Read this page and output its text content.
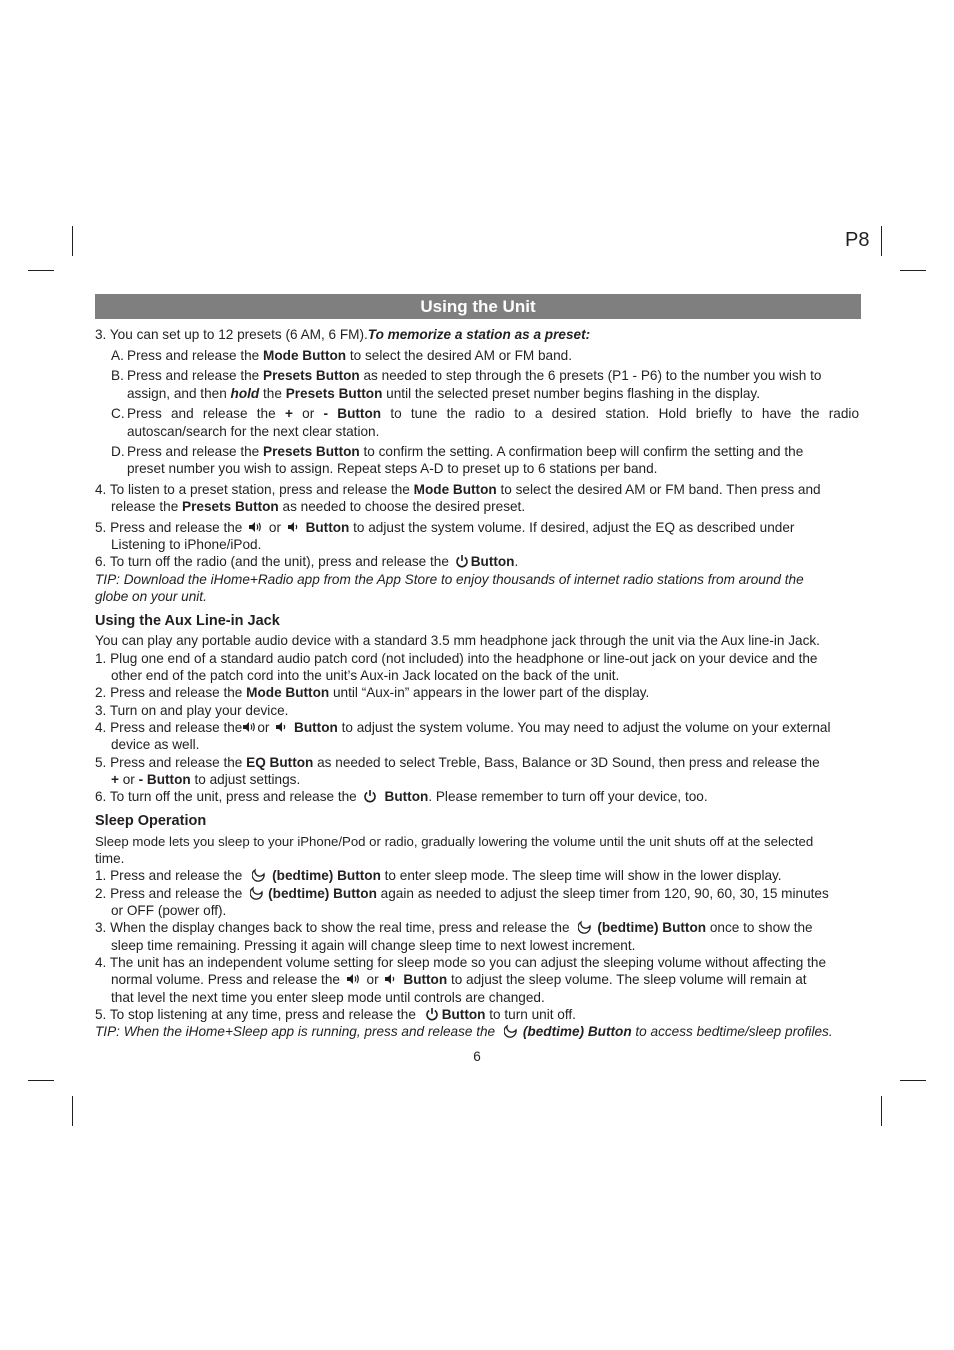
P8
Using the Unit
3. You can set up to 12 presets (6 AM, 6 FM).To memorize a station as a preset:
A. Press and release the Mode Button to select the desired AM or FM band.
B. Press and release the Presets Button as needed to step through the 6 presets (P1 - P6) to the number you wish to
assign, and then hold the Presets Button until the selected preset number begins flashing in the display.
C. Press and release the + or - Button to tune the radio to a desired station. Hold briefly to have the radio
autoscan/search for the next clear station.
D. Press and release the Presets Button to confirm the setting. A confirmation beep will confirm the setting and the
preset number you wish to assign. Repeat steps A-D to preset up to 6 stations per band.
4. To listen to a preset station, press and release the Mode Button to select the desired AM or FM band. Then press and
release the Presets Button as needed to choose the desired preset.
5. Press and release the  or  Button to adjust the system volume. If desired, adjust the EQ as described under
Listening to iPhone/iPod.
6. To turn off the radio (and the unit), press and release the Button.
TIP: Download the iHome+Radio app from the App Store to enjoy thousands of internet radio stations from around the
globe on your unit.
Using the Aux Line-in Jack
You can play any portable audio device with a standard 3.5 mm headphone jack through the unit via the Aux line-in Jack.
1. Plug one end of a standard audio patch cord (not included) into the headphone or line-out jack on your device and the
other end of the patch cord into the unit’s Aux-in Jack located on the back of the unit.
2. Press and release the Mode Button until “Aux-in” appears in the lower part of the display.
3. Turn on and play your device.
4. Press and release the or  Button to adjust the system volume. You may need to adjust the volume on your external
device as well.
5. Press and release the EQ Button as needed to select Treble, Bass, Balance or 3D Sound, then press and release the
+ or - Button to adjust settings.
6. To turn off the unit, press and release the Button. Please remember to turn off your device, too.
Sleep Operation
Sleep mode lets you sleep to your iPhone/Pod or radio, gradually lowering the volume until the unit shuts off at the selected
time.
1. Press and release the (bedtime) Button to enter sleep mode. The sleep time will show in the lower display.
2. Press and release the (bedtime) Button again as needed to adjust the sleep timer from 120, 90, 60, 30, 15 minutes
or OFF (power off).
3. When the display changes back to show the real time, press and release the (bedtime) Button once to show the
sleep time remaining. Pressing it again will change sleep time to next lowest increment.
4. The unit has an independent volume setting for sleep mode so you can adjust the sleeping volume without affecting the
normal volume. Press and release the  or Button to adjust the sleep volume. The sleep volume will remain at
that level the next time you enter sleep mode until controls are changed.
5. To stop listening at any time, press and release the Button to turn unit off.
TIP: When the iHome+Sleep app is running, press and release the (bedtime) Button to access bedtime/sleep profiles.
6
